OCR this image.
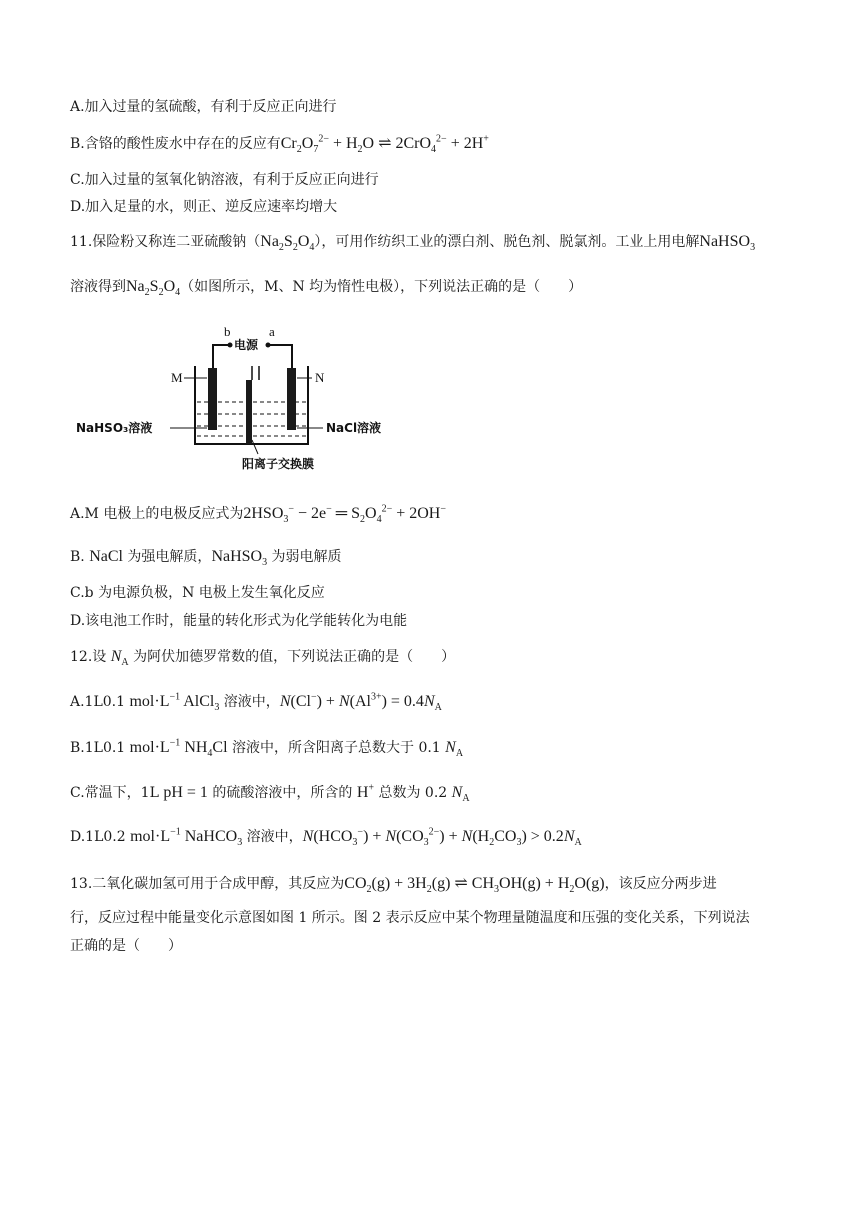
A.加入过量的氢硫酸，有利于反应正向进行
B.含铬的酸性废水中存在的反应有$Cr_2O_7^{2-} + H_2O$ ⇌ 2CrO$_4^{2-}$ + 2H+
C.加入过量的氢氧化钠溶液，有利于反应正向进行
D.加入足量的水，则正、逆反应速率均增大
11.保险粉又称连二亚硫酸钠$(Na_2S_2O_4)$，可用作纺织工业的漂白剂、脱色剂、脱氯剂。工业上用电解NaHSO$_3$
溶液得到$Na_2S_2O_4$（如图所示，M、N 均为惰性电极），下列说法正确的是（　　）
b	a
电源
M	N
NaHSO₃溶液	NaCl溶液
阳离子交换膜
A.M 电极上的电极反应式为$2HSO_3^- - 2e^-$ ═ $S_2O_4^{2-} + 2OH^-$
B. NaCl 为强电解质，NaHSO$_3$ 为弱电解质
C.b 为电源负极，N 电极上发生氧化反应
D.该电池工作时，能量的转化形式为化学能转化为电能
12.设 $N_A$ 为阿伏加德罗常数的值，下列说法正确的是（　　）
A.1L0.1 $mol\cdot L^{-1}$ AlCl$_3$ 溶液中，$N(Cl^-) + N(Al^{3+}) = 0.4N_A$
B.1L0.1 $mol\cdot L^{-1}$ $NH_4Cl$ 溶液中，所含阳离子总数大于 0.1 $N_A$
C.常温下，1L pH = 1 的硫酸溶液中，所含的 H+ 总数为 0.2 $N_A$
D.1L0.2 $mol\cdot L^{-1}$ NaHCO$_3$ 溶液中，$N(HCO_3^-) + N(CO_3^{2-}) + N(H_2CO_3) > 0.2N_A$
13.二氧化碳加氢可用于合成甲醇，其反应为$CO_2(g) + 3H_2(g)$ ⇌ $CH_3OH(g) + H_2O(g)$，该反应分两步进
行，反应过程中能量变化示意图如图 1 所示。图 2 表示反应中某个物理量随温度和压强的变化关系，下列说法
正确的是（　　）
